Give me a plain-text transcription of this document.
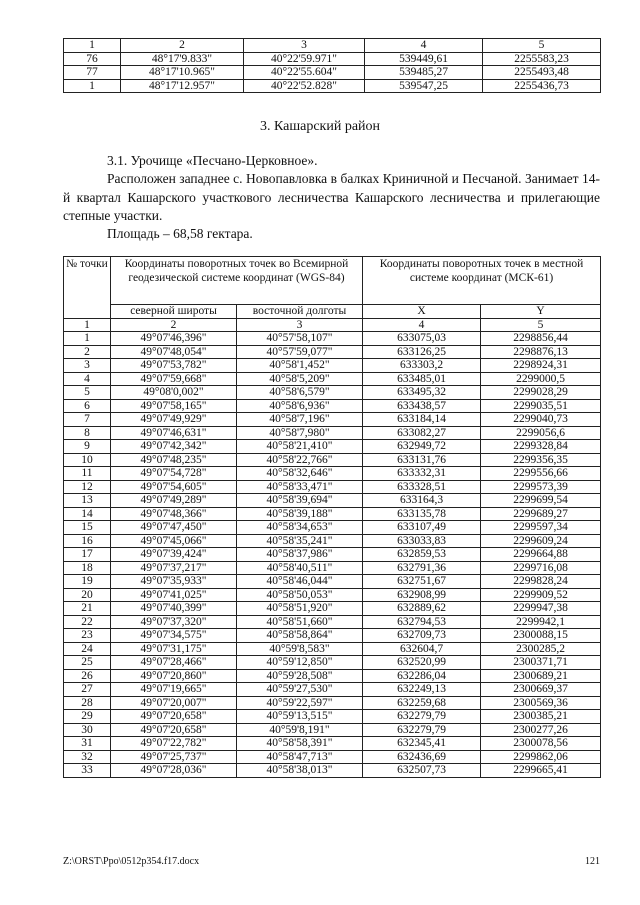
1	2	3	4	5
76	48°17'9.833"	40°22'59.971"	539449,61	2255583,23
77	48°17'10.965"	40°22'55.604"	539485,27	2255493,48
1	48°17'12.957"	40°22'52.828"	539547,25	2255436,73
3. Кашарский район
3.1. Урочище «Песчано-Церковное».
Расположен западнее с. Новопавловка в балках Криничной и Песчаной. Занимает 14-й квартал Кашарского участкового лесничества Кашарского лесничества и прилегающие степные участки.
Площадь – 68,58 гектара.
№ точки	Координаты поворотных точек во Всемирной геодезической системе координат (WGS-84)		Координаты поворотных точек в местной системе координат (МСК-61)	
	северной широты	восточной долготы	X	Y
1	2	3	4	5
1	49°07'46,396"	40°57'58,107"	633075,03	2298856,44
2	49°07'48,054"	40°57'59,077"	633126,25	2298876,13
3	49°07'53,782"	40°58'1,452"	633303,2	2298924,31
4	49°07'59,668"	40°58'5,209"	633485,01	2299000,5
5	49°08'0,002"	40°58'6,579"	633495,32	2299028,29
6	49°07'58,165"	40°58'6,936"	633438,57	2299035,51
7	49°07'49,929"	40°58'7,196"	633184,14	2299040,73
8	49°07'46,631"	40°58'7,980"	633082,27	2299056,6
9	49°07'42,342"	40°58'21,410"	632949,72	2299328,84
10	49°07'48,235"	40°58'22,766"	633131,76	2299356,35
11	49°07'54,728"	40°58'32,646"	633332,31	2299556,66
12	49°07'54,605"	40°58'33,471"	633328,51	2299573,39
13	49°07'49,289"	40°58'39,694"	633164,3	2299699,54
14	49°07'48,366"	40°58'39,188"	633135,78	2299689,27
15	49°07'47,450"	40°58'34,653"	633107,49	2299597,34
16	49°07'45,066"	40°58'35,241"	633033,83	2299609,24
17	49°07'39,424"	40°58'37,986"	632859,53	2299664,88
18	49°07'37,217"	40°58'40,511"	632791,36	2299716,08
19	49°07'35,933"	40°58'46,044"	632751,67	2299828,24
20	49°07'41,025"	40°58'50,053"	632908,99	2299909,52
21	49°07'40,399"	40°58'51,920"	632889,62	2299947,38
22	49°07'37,320"	40°58'51,660"	632794,53	2299942,1
23	49°07'34,575"	40°58'58,864"	632709,73	2300088,15
24	49°07'31,175"	40°59'8,583"	632604,7	2300285,2
25	49°07'28,466"	40°59'12,850"	632520,99	2300371,71
26	49°07'20,860"	40°59'28,508"	632286,04	2300689,21
27	49°07'19,665"	40°59'27,530"	632249,13	2300669,37
28	49°07'20,007"	40°59'22,597"	632259,68	2300569,36
29	49°07'20,658"	40°59'13,515"	632279,79	2300385,21
30	49°07'20,658"	40°59'8,191"	632279,79	2300277,26
31	49°07'22,782"	40°58'58,391"	632345,41	2300078,56
32	49°07'25,737"	40°58'47,713"	632436,69	2299862,06
33	49°07'28,036"	40°58'38,013"	632507,73	2299665,41
Z:\ORST\Ppo\0512p354.f17.docx	121
